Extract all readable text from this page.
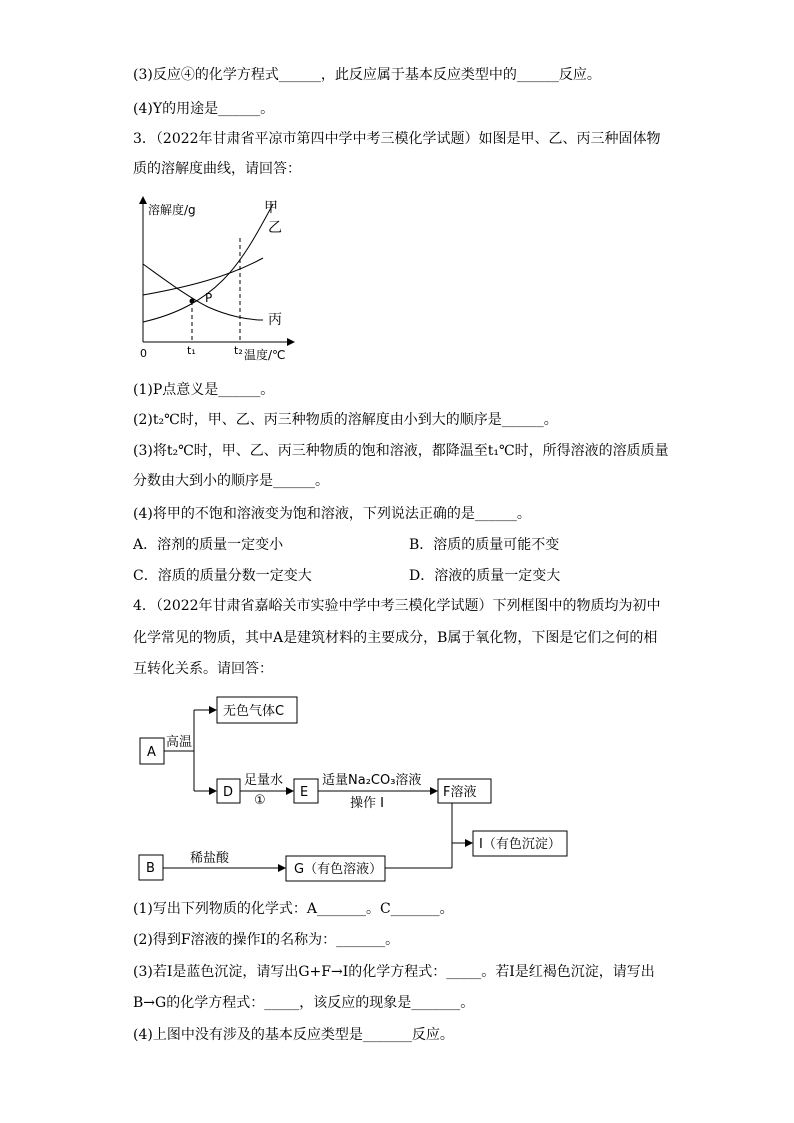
(3)反应④的化学方程式______，此反应属于基本反应类型中的______反应。
(4)Y的用途是______。
3．（2022年甘肃省平凉市第四中学中考三模化学试题）如图是甲、乙、丙三种固体物
质的溶解度曲线，请回答：
溶解度/g
温度/℃
0	t₁	t₂
P
甲
乙
丙
(1)P点意义是______。
(2)t₂℃时，甲、乙、丙三种物质的溶解度由小到大的顺序是______。
(3)将t₂℃时，甲、乙、丙三种物质的饱和溶液，都降温至t₁℃时，所得溶液的溶质质量
分数由大到小的顺序是______。
(4)将甲的不饱和溶液变为饱和溶液，下列说法正确的是______。
A．溶剂的质量一定变小	B．溶质的质量可能不变
C．溶质的质量分数一定变大	D．溶液的质量一定变大
4．（2022年甘肃省嘉峪关市实验中学中考三模化学试题）下列框图中的物质均为初中
化学常见的物质，其中A是建筑材料的主要成分，B属于氧化物，下图是它们之何的相
互转化关系。请回答：
A
高温
无色气体C
D
足量水
①
E
适量Na₂CO₃溶液
操作 I
F溶液
B
稀盐酸
G（有色溶液）
I（有色沉淀）
(1)写出下列物质的化学式：A_______。C_______。
(2)得到F溶液的操作I的名称为：_______。
(3)若I是蓝色沉淀，请写出G+F→I的化学方程式：_____。若I是红褐色沉淀，请写出
B→G的化学方程式：_____，该反应的现象是_______。
(4)上图中没有涉及的基本反应类型是_______反应。
